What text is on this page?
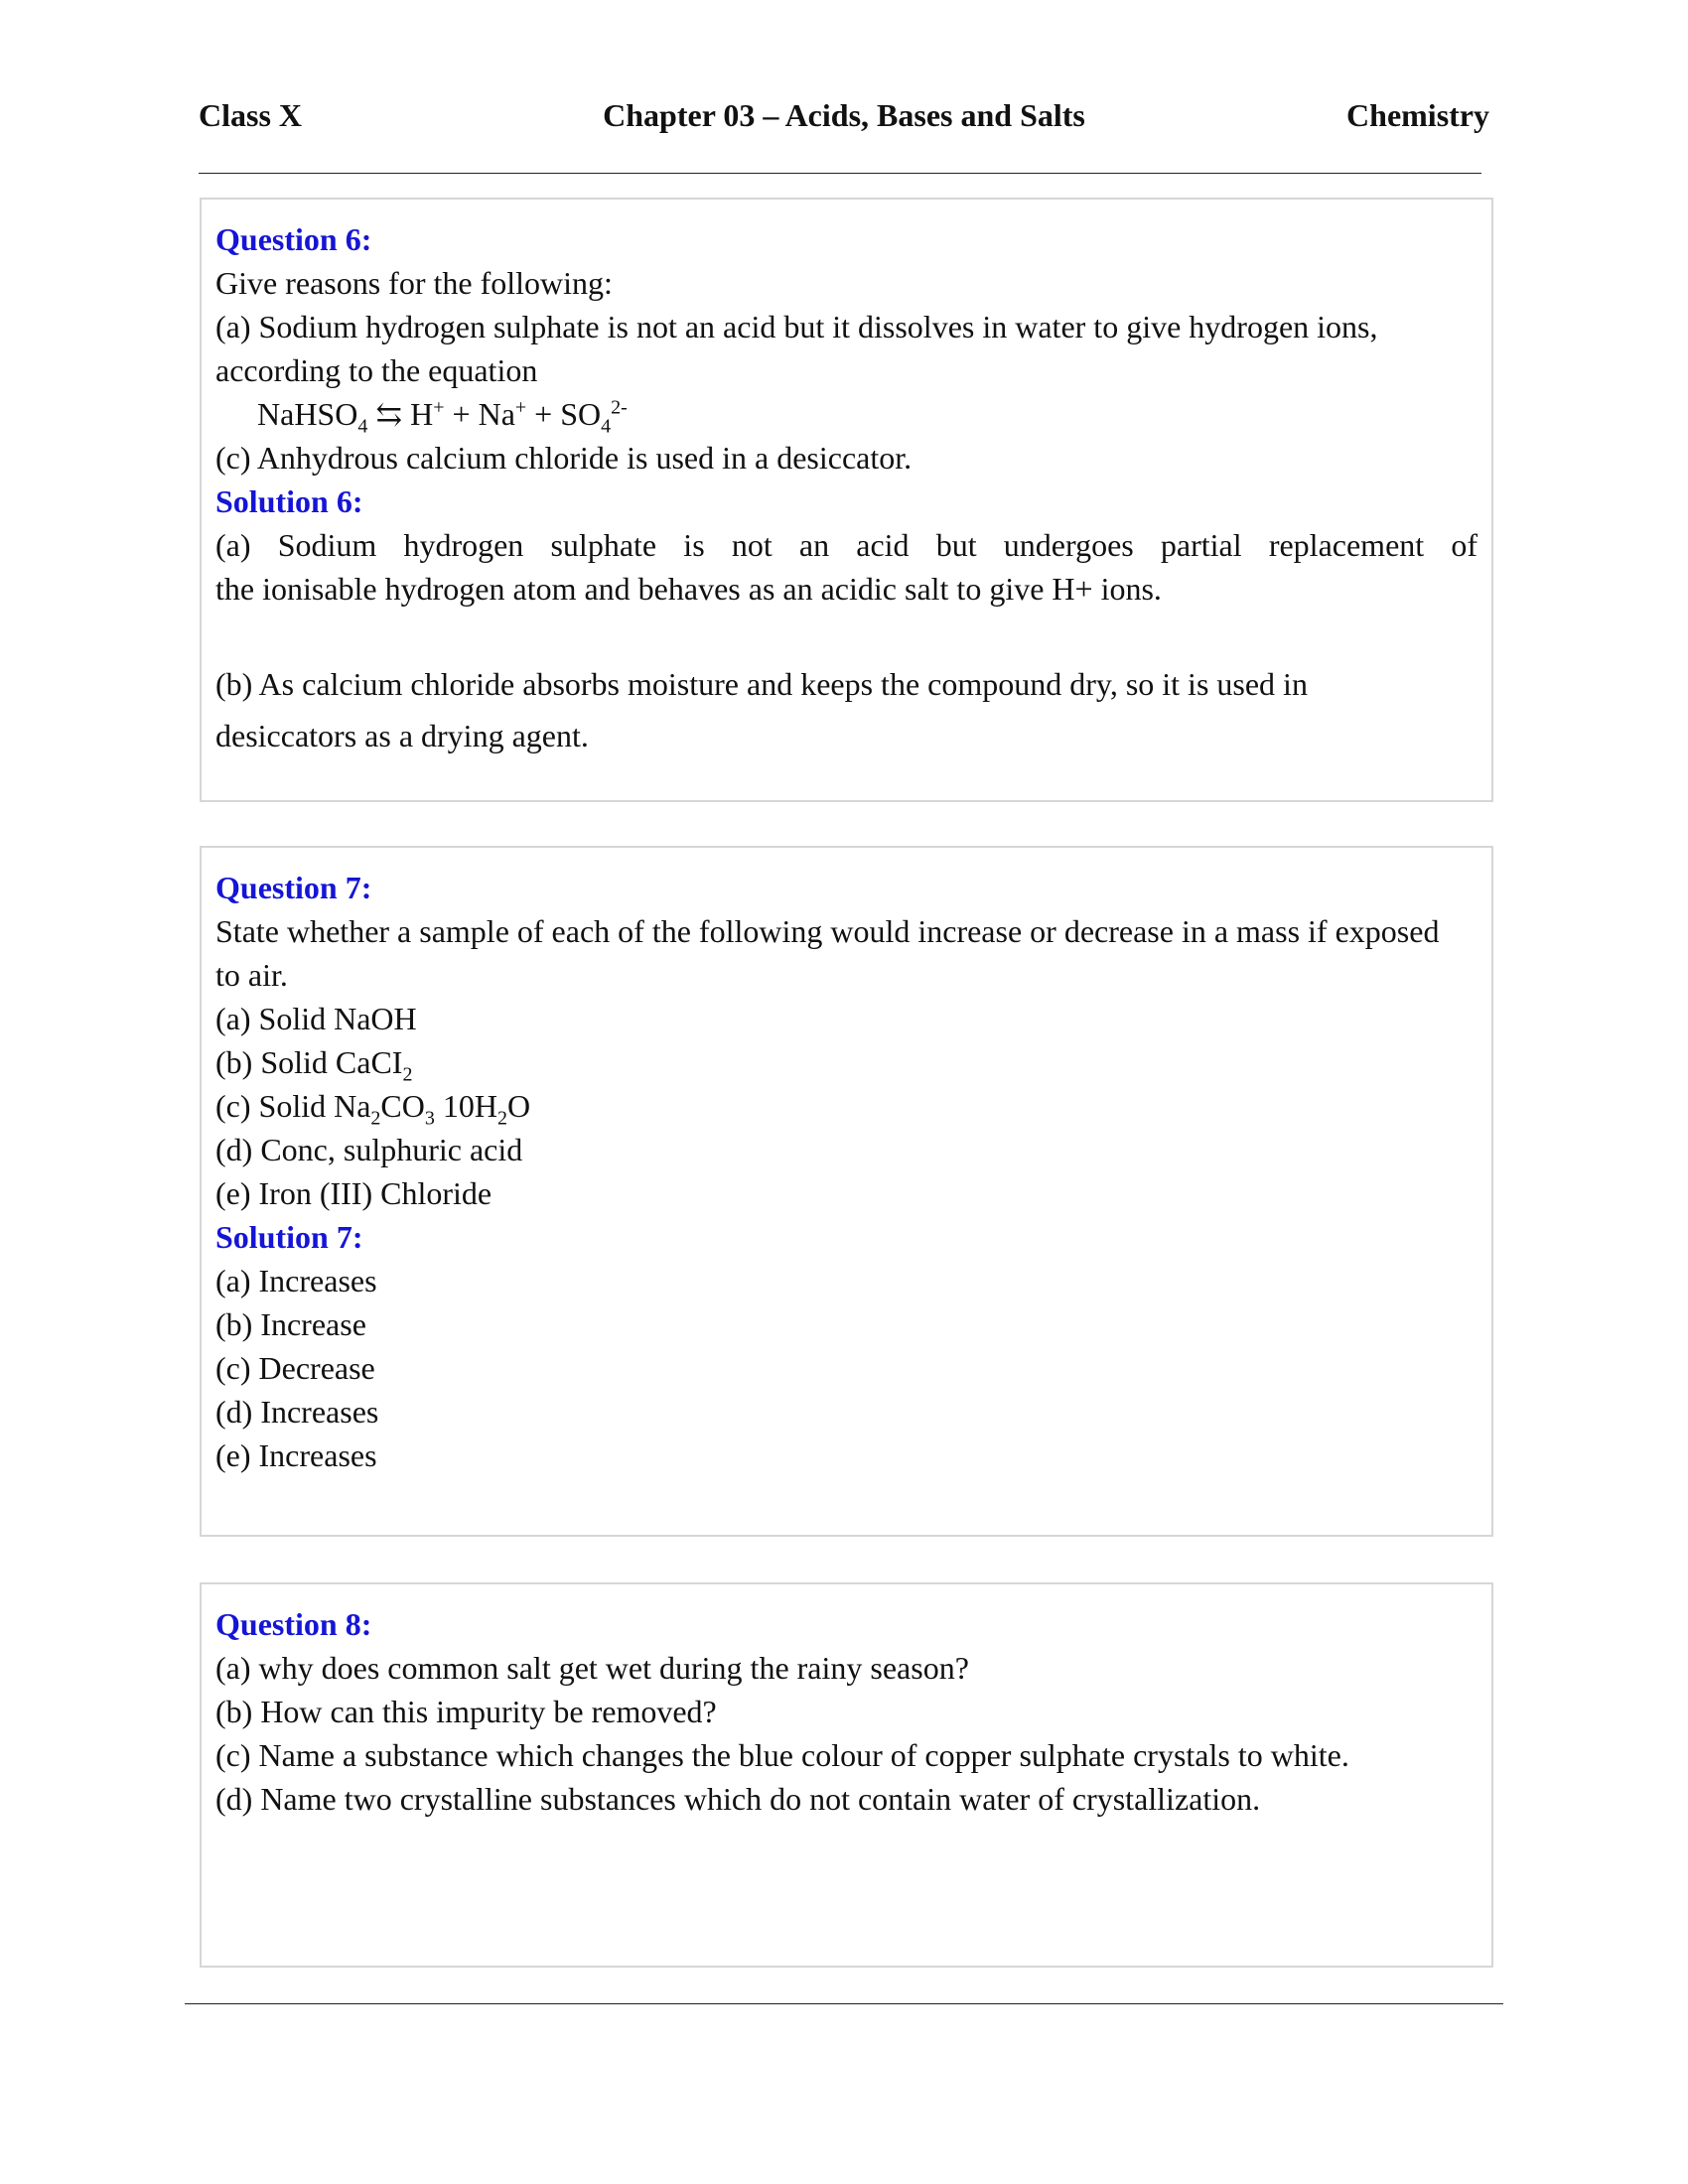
Class X	Chapter 03 – Acids, Bases and Salts	Chemistry
Question 6:
Give reasons for the following:
(a) Sodium hydrogen sulphate is not an acid but it dissolves in water to give hydrogen ions,
according to the equation
NaHSO$_4$ ⇆ $H^+ + Na^+ + SO_4^{2-}$
(c) Anhydrous calcium chloride is used in a desiccator.
Solution 6:
(a) Sodium hydrogen sulphate is not an acid but undergoes partial replacement of
the ionisable hydrogen atom and behaves as an acidic salt to give H+ ions.
(b) As calcium chloride absorbs moisture and keeps the compound dry, so it is used in
desiccators as a drying agent.
Question 7:
State whether a sample of each of the following would increase or decrease in a mass if exposed
to air.
(a) Solid NaOH
(b) Solid CaCI$_2$
(c) Solid $Na_2CO_3$ $10H_2O$
(d) Conc, sulphuric acid
(e) Iron (III) Chloride
Solution 7:
(a) Increases
(b) Increase
(c) Decrease
(d) Increases
(e) Increases
Question 8:
(a) why does common salt get wet during the rainy season?
(b) How can this impurity be removed?
(c) Name a substance which changes the blue colour of copper sulphate crystals to white.
(d) Name two crystalline substances which do not contain water of crystallization.
